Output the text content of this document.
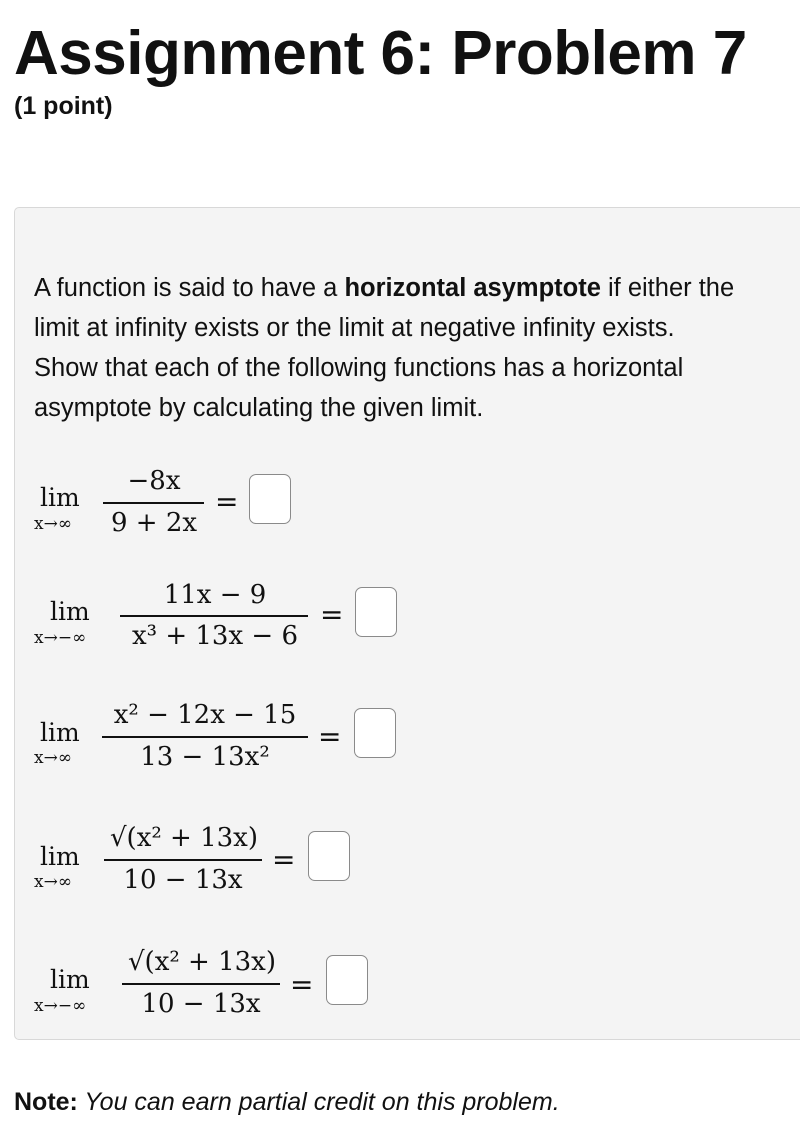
Assignment 6: Problem 7
(1 point)

A function is said to have a horizontal asymptote if either the limit at infinity exists or the limit at negative infinity exists.

Show that each of the following functions has a horizontal asymptote by calculating the given limit.

lim
x→∞
−8x
9 + 2x
=
lim
x→−∞
11x − 9
x³ + 13x − 6
=
lim
x→∞
x² − 12x − 15
13 − 13x²
=
lim
x→∞
√(x² + 13x)
10 − 13x
=
lim
x→−∞
√(x² + 13x)
10 − 13x
=
Note: You can earn partial credit on this problem.
